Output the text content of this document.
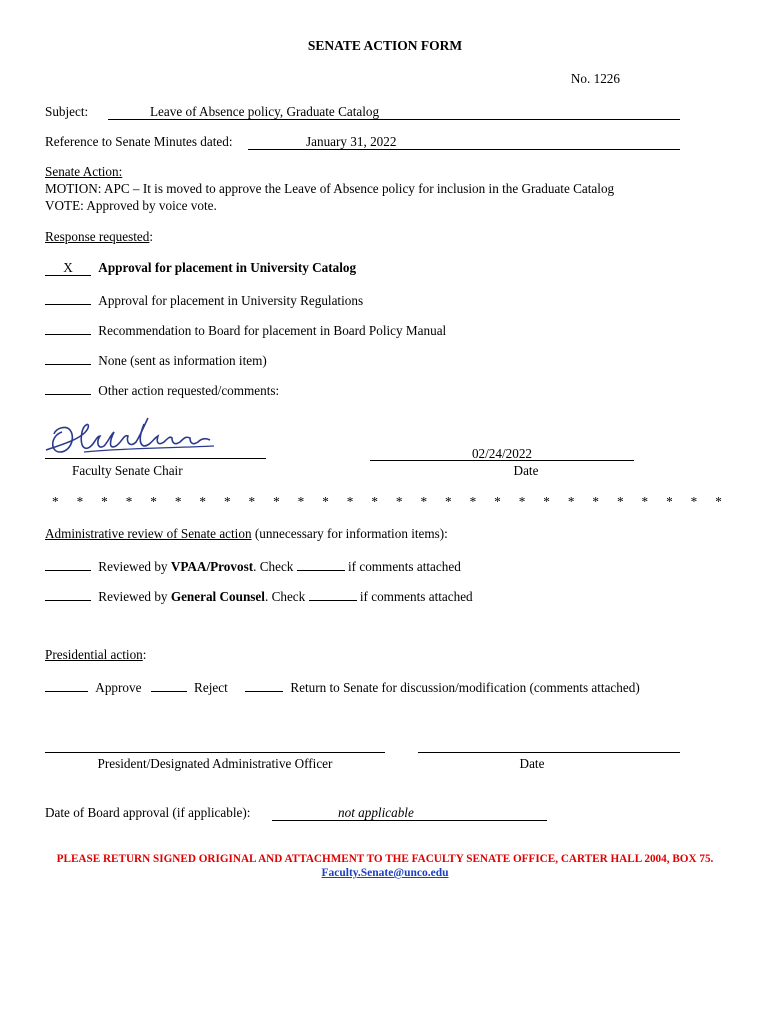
SENATE ACTION FORM
No. 1226
Subject:	Leave of Absence policy, Graduate Catalog
Reference to Senate Minutes dated:	January 31, 2022
Senate Action:
MOTION: APC – It is moved to approve the Leave of Absence policy for inclusion in the Graduate Catalog
VOTE: Approved by voice vote.
Response requested:
X Approval for placement in University Catalog
Approval for placement in University Regulations
Recommendation to Board for placement in Board Policy Manual
None (sent as information item)
Other action requested/comments:
Faculty Senate Chair
02/24/2022
Date
* * * * * * * * * * * * * * * * * * * * * * * * * * * *
Administrative review of Senate action (unnecessary for information items):
Reviewed by VPAA/Provost. Check	if comments attached
Reviewed by General Counsel. Check	if comments attached
Presidential action:
Approve	Reject	Return to Senate for discussion/modification (comments attached)
President/Designated Administrative Officer	Date
Date of Board approval (if applicable):	not applicable
PLEASE RETURN SIGNED ORIGINAL AND ATTACHMENT TO THE FACULTY SENATE OFFICE, CARTER HALL 2004, BOX 75.
Faculty.Senate@unco.edu
